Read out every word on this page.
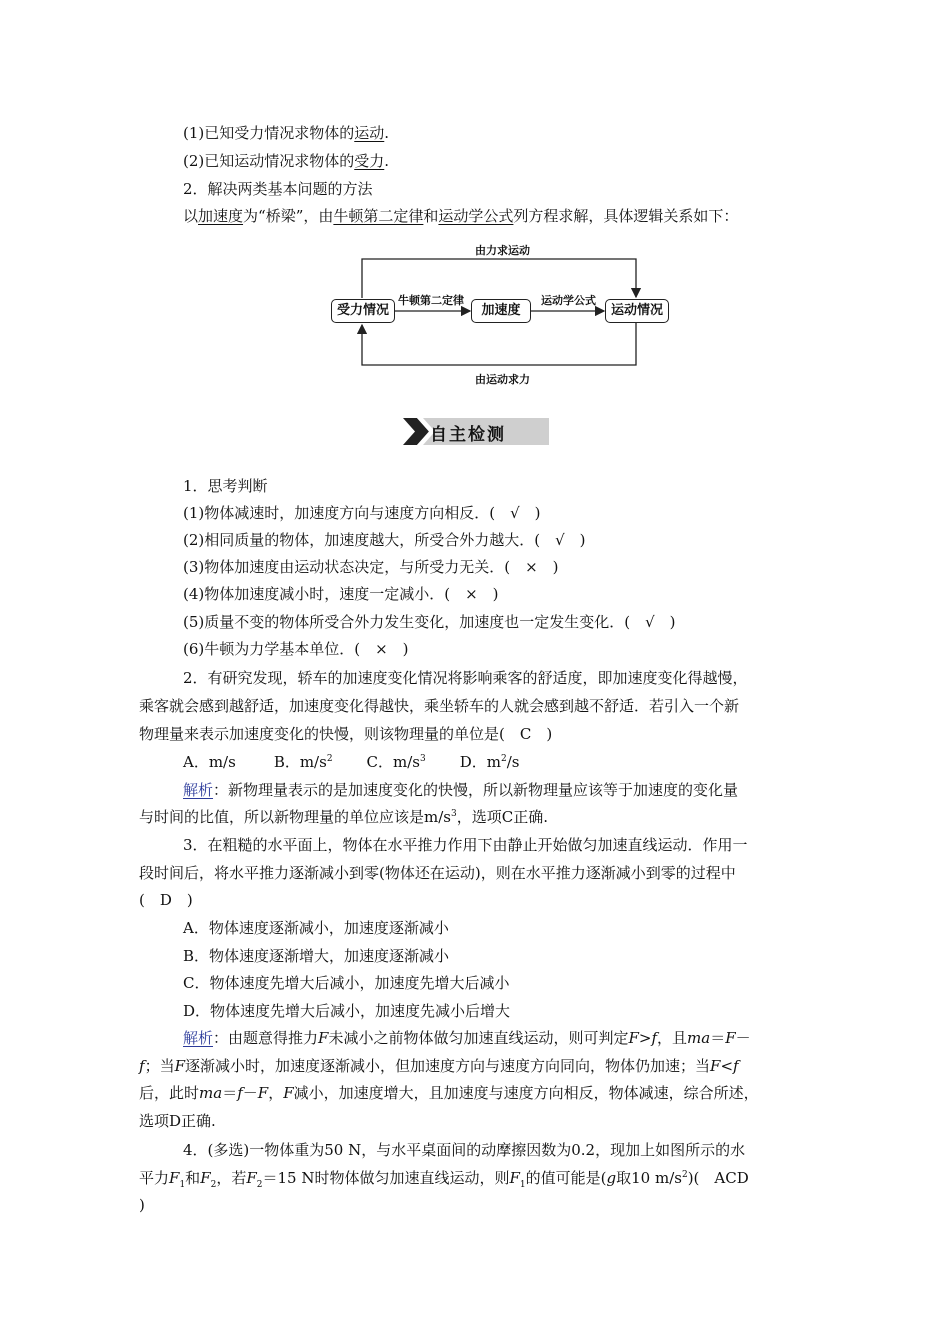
(1)已知受力情况求物体的运动.
(2)已知运动情况求物体的受力.
2．解决两类基本问题的方法
以加速度为“桥梁”，由牛顿第二定律和运动学公式列方程求解，具体逻辑关系如下：
由力求运动
由运动求力
牛顿第二定律	运动学公式
受力情况	加速度	运动情况
自主检测
1．思考判断
(1)物体减速时，加速度方向与速度方向相反．(　√　)
(2)相同质量的物体，加速度越大，所受合外力越大．(　√　)
(3)物体加速度由运动状态决定，与所受力无关．(　×　)
(4)物体加速度减小时，速度一定减小．(　×　)
(5)质量不变的物体所受合外力发生变化，加速度也一定发生变化．(　√　)
(6)牛顿为力学基本单位．(　×　)
2．有研究发现，轿车的加速度变化情况将影响乘客的舒适度，即加速度变化得越慢，
乘客就会感到越舒适，加速度变化得越快，乘坐轿车的人就会感到越不舒适．若引入一个新
物理量来表示加速度变化的快慢，则该物理量的单位是(　C　)
A．m/s	B．$m/s^2$ C．$m/s^3$ D．$m^2/s$
解析：新物理量表示的是加速度变化的快慢，所以新物理量应该等于加速度的变化量
与时间的比值，所以新物理量的单位应该是$m/s^3$，选项C正确.
3．在粗糙的水平面上，物体在水平推力作用下由静止开始做匀加速直线运动．作用一
段时间后，将水平推力逐渐减小到零(物体还在运动)，则在水平推力逐渐减小到零的过程中
(　D　)
A．物体速度逐渐减小，加速度逐渐减小
B．物体速度逐渐增大，加速度逐渐减小
C．物体速度先增大后减小，加速度先增大后减小
D．物体速度先增大后减小，加速度先减小后增大
解析：由题意得推力F未减小之前物体做匀加速直线运动，则可判定F>f，且ma＝F－
f；当F逐渐减小时，加速度逐渐减小，但加速度方向与速度方向同向，物体仍加速；当F<f
后，此时ma＝f－F，F减小，加速度增大，且加速度与速度方向相反，物体减速，综合所述，
选项D正确.
4．(多选)一物体重为50 N，与水平桌面间的动摩擦因数为0.2，现加上如图所示的水
平力$F_1$和$F_2$，若$F_2=15$ N时物体做匀加速直线运动，则$F_1$的值可能是(g取10 $m/s^2$)(　ACD
)
